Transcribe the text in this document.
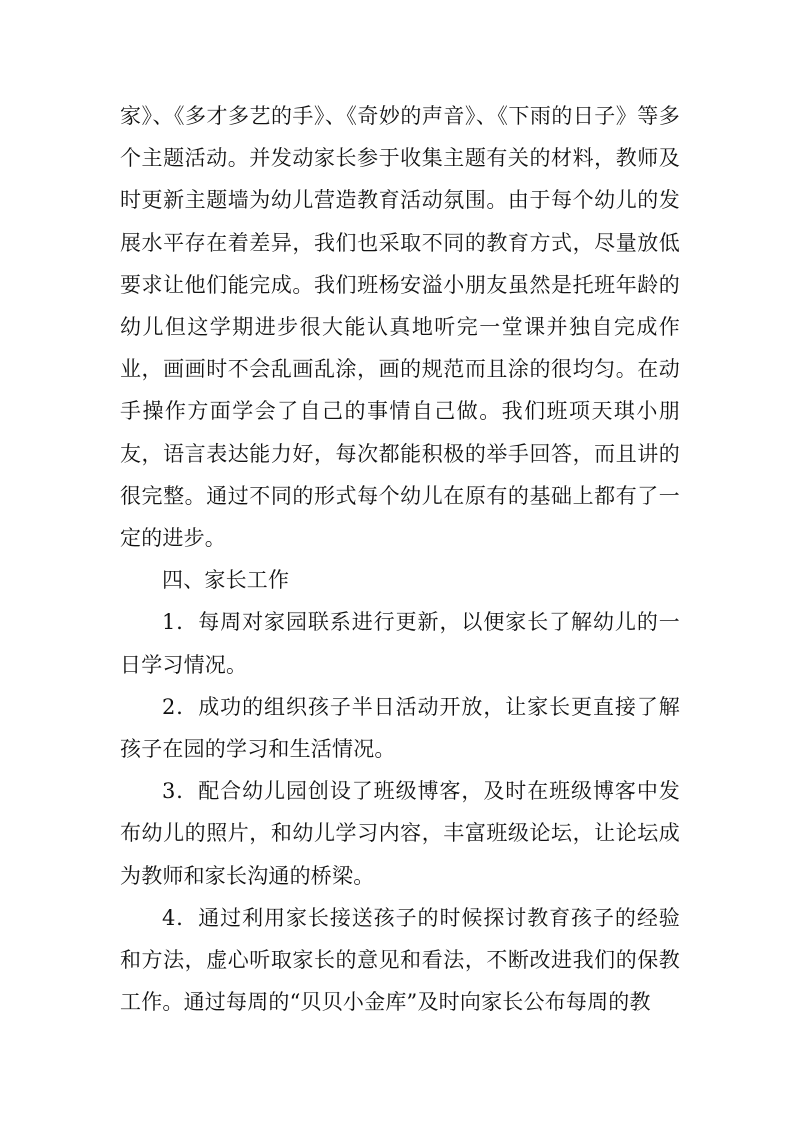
家》、《多才多艺的手》、《奇妙的声音》、《下雨的日子》等多个主题活动。并发动家长参于收集主题有关的材料，教师及时更新主题墙为幼儿营造教育活动氛围。由于每个幼儿的发展水平存在着差异，我们也采取不同的教育方式，尽量放低要求让他们能完成。我们班杨安溢小朋友虽然是托班年龄的幼儿但这学期进步很大能认真地听完一堂课并独自完成作业，画画时不会乱画乱涂，画的规范而且涂的很均匀。在动手操作方面学会了自己的事情自己做。我们班项天琪小朋友，语言表达能力好，每次都能积极的举手回答，而且讲的很完整。通过不同的形式每个幼儿在原有的基础上都有了一定的进步。

四、家长工作

1．每周对家园联系进行更新，以便家长了解幼儿的一日学习情况。

2．成功的组织孩子半日活动开放，让家长更直接了解孩子在园的学习和生活情况。

3．配合幼儿园创设了班级博客，及时在班级博客中发布幼儿的照片，和幼儿学习内容，丰富班级论坛，让论坛成为教师和家长沟通的桥梁。

4．通过利用家长接送孩子的时候探讨教育孩子的经验和方法，虚心听取家长的意见和看法，不断改进我们的保教工作。通过每周的“贝贝小金库”及时向家长公布每周的教
